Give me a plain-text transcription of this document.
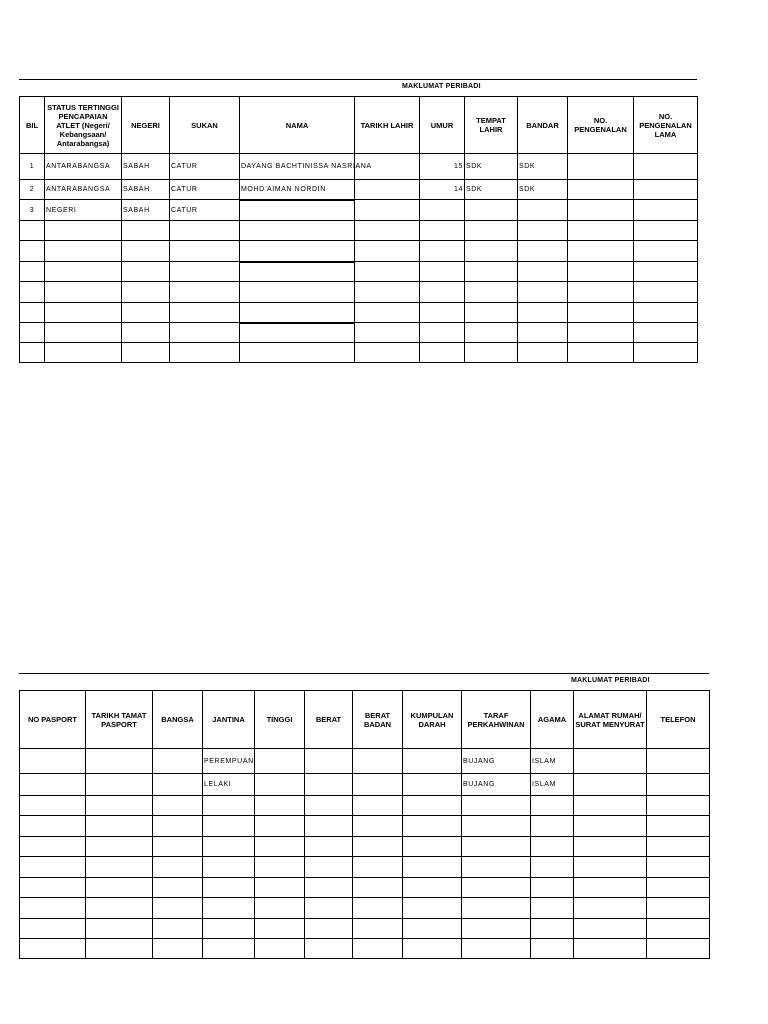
MAKLUMAT PERIBADI
BIL	STATUS TERTINGGI PENCAPAIAN ATLET (Negeri/ Kebangsaan/ Antarabangsa)	NEGERI	SUKAN	NAMA	TARIKH LAHIR	UMUR	TEMPAT LAHIR	BANDAR	NO. PENGENALAN	NO. PENGENALAN LAMA
1	ANTARABANGSA	SABAH	CATUR	DAYANG BACHTINISSA NASRIANA		15	SDK	SDK		
2	ANTARABANGSA	SABAH	CATUR	MOHD AIMAN NORDIN		14	SDK	SDK		
3	NEGERI	SABAH	CATUR							

MAKLUMAT PERIBADI
NO PASPORT	TARIKH TAMAT PASPORT	BANGSA	JANTINA	TINGGI	BERAT	BERAT BADAN	KUMPULAN DARAH	TARAF PERKAHWINAN	AGAMA	ALAMAT RUMAH/ SURAT MENYURAT	TELEFON
			PEREMPUAN					BUJANG	ISLAM		
			LELAKI					BUJANG	ISLAM		
